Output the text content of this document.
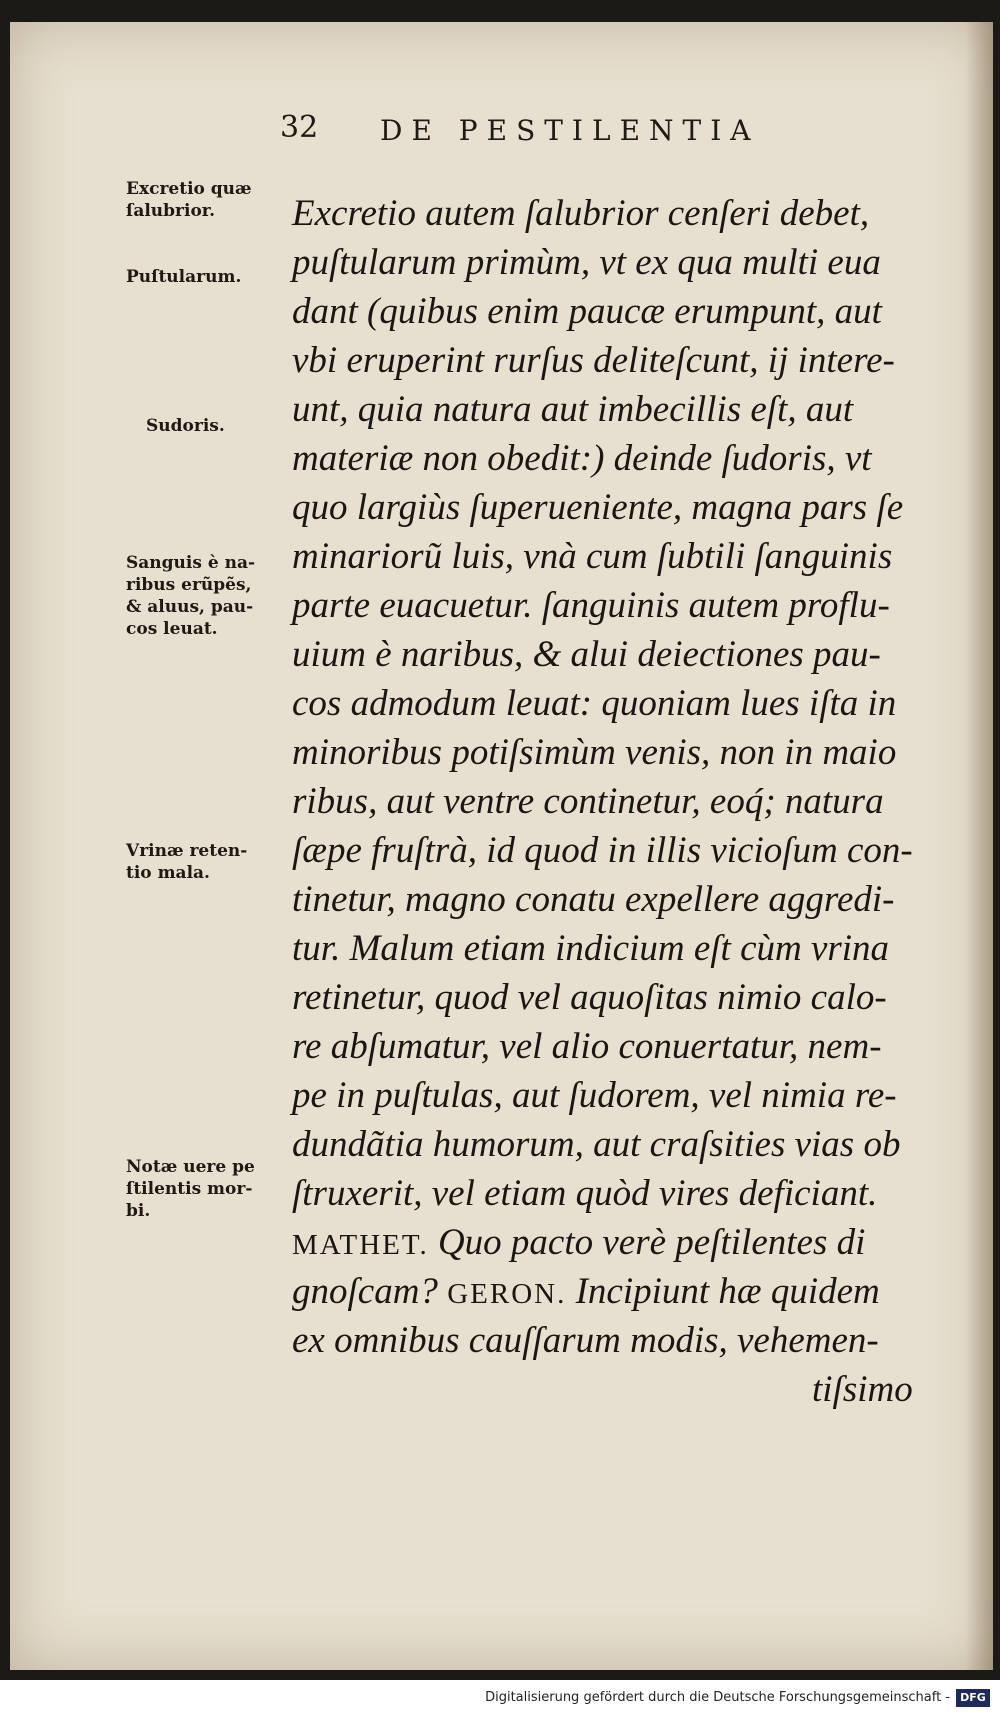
32 DE PESTILENTIA
Excretio quæ
ſalubrior.
Puſtularum.
Sudoris.
Sanguis è na-
ribus erũpẽs,
& aluus, pau-
cos leuat.
Vrinæ reten-
tio mala.
Notæ uere pe
ſtilentis mor-
bi.
Excretio autem ſalubrior cenſeri debet,
puſtularum primùm, vt ex qua multi eua
dant (quibus enim paucæ erumpunt, aut
vbi eruperint rurſus deliteſcunt, ij intere-
unt, quia natura aut imbecillis eſt, aut
materiæ non obedit:) deinde ſudoris, vt
quo largiùs ſuperueniente, magna pars ſe
minariorũ luis, vnà cum ſubtili ſanguinis
parte euacuetur. ſanguinis autem proflu-
uium è naribus, & alui deiectiones pau-
cos admodum leuat: quoniam lues iſta in
minoribus potiſsimùm venis, non in maio
ribus, aut ventre continetur, eoq́; natura
ſæpe fruſtrà, id quod in illis vicioſum con-
tinetur, magno conatu expellere aggredi-
tur. Malum etiam indicium eſt cùm vrina
retinetur, quod vel aquoſitas nimio calo-
re abſumatur, vel alio conuertatur, nem-
pe in puſtulas, aut ſudorem, vel nimia re-
dundãtia humorum, aut craſsities vias ob
ſtruxerit, vel etiam quòd vires deficiant.
MATHET. Quo pacto verè peſtilentes di
gnoſcam? GERON. Incipiunt hæ quidem
ex omnibus cauſſarum modis, vehemen-
tiſsimo
Digitalisierung gefördert durch die Deutsche Forschungsgemeinschaft - DFG
